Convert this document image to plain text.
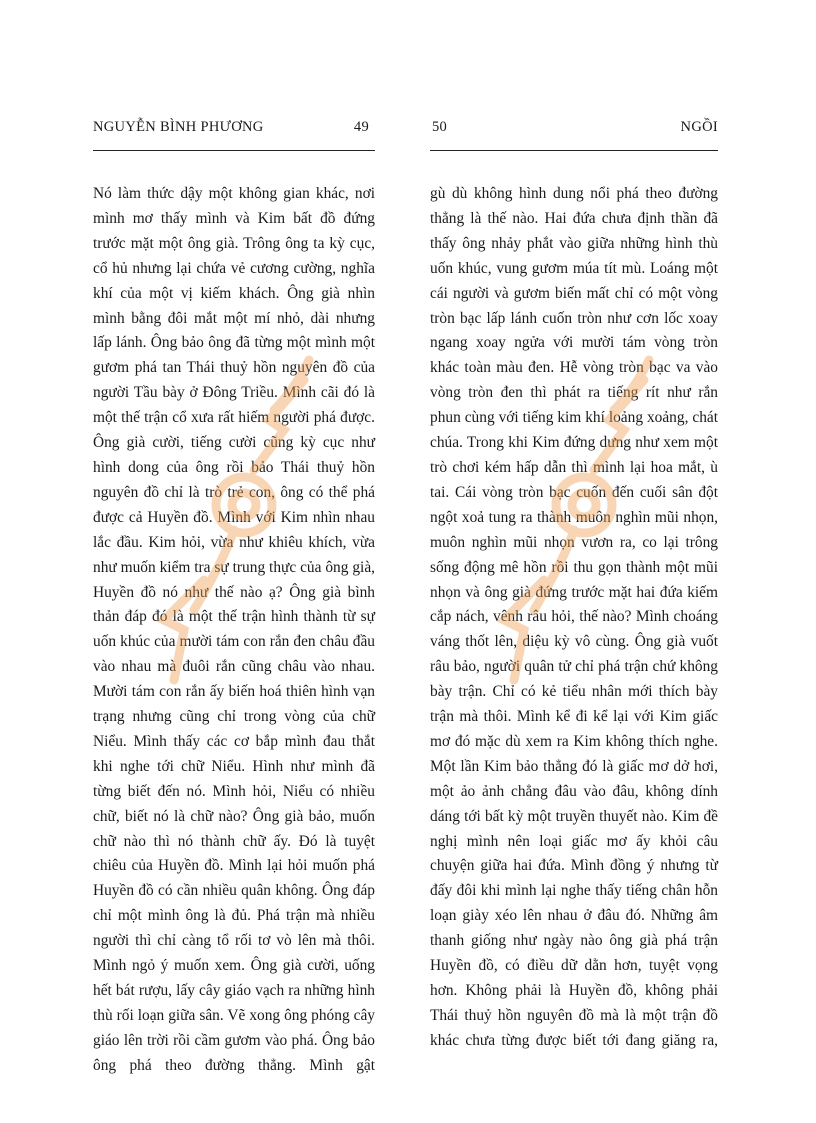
NGUYỄN BÌNH PHƯƠNG	49

Nó làm thức dậy một không gian khác, nơi mình mơ thấy mình và Kim bất đồ đứng trước mặt một ông già. Trông ông ta kỳ cục, cổ hủ nhưng lại chứa vẻ cương cường, nghĩa khí của một vị kiếm khách. Ông già nhìn mình bằng đôi mắt một mí nhỏ, dài nhưng lấp lánh. Ông bảo ông đã từng một mình một gươm phá tan Thái thuỷ hồn nguyên đồ của người Tầu bày ở Đông Triều. Mình cãi đó là một thế trận cổ xưa rất hiếm người phá được. Ông già cười, tiếng cười cũng kỳ cục như hình dong của ông rồi bảo Thái thuỷ hồn nguyên đồ chỉ là trò trẻ con, ông có thể phá được cả Huyền đồ. Mình với Kim nhìn nhau lắc đầu. Kim hỏi, vừa như khiêu khích, vừa như muốn kiểm tra sự trung thực của ông già, Huyền đồ nó như thế nào ạ? Ông già bình thản đáp đó là một thế trận hình thành từ sự uốn khúc của mười tám con rắn đen châu đầu vào nhau mà đuôi rắn cũng châu vào nhau. Mười tám con rắn ấy biến hoá thiên hình vạn trạng nhưng cũng chỉ trong vòng của chữ Niểu. Mình thấy các cơ bắp mình đau thắt khi nghe tới chữ Niểu. Hình như mình đã từng biết đến nó. Mình hỏi, Niểu có nhiều chữ, biết nó là chữ nào? Ông già bảo, muốn chữ nào thì nó thành chữ ấy. Đó là tuyệt chiêu của Huyền đồ. Mình lại hỏi muốn phá Huyền đồ có cần nhiều quân không. Ông đáp chỉ một mình ông là đủ. Phá trận mà nhiều người thì chỉ càng tổ rối tơ vò lên mà thôi. Mình ngỏ ý muốn xem. Ông già cười, uống hết bát rượu, lấy cây giáo vạch ra những hình thù rối loạn giữa sân. Vẽ xong ông phóng cây giáo lên trời rồi cầm gươm vào phá. Ông bảo ông phá theo đường thẳng. Mình gật

50	NGỒI

gù dù không hình dung nổi phá theo đường thẳng là thế nào. Hai đứa chưa định thần đã thấy ông nhảy phắt vào giữa những hình thù uốn khúc, vung gươm múa tít mù. Loáng một cái người và gươm biến mất chỉ có một vòng tròn bạc lấp lánh cuốn tròn như cơn lốc xoay ngang xoay ngửa với mười tám vòng tròn khác toàn màu đen. Hễ vòng tròn bạc va vào vòng tròn đen thì phát ra tiếng rít như rắn phun cùng với tiếng kim khí loảng xoảng, chát chúa. Trong khi Kim đứng dưng như xem một trò chơi kém hấp dẫn thì mình lại hoa mắt, ù tai. Cái vòng tròn bạc cuốn đến cuối sân đột ngột xoả tung ra thành muôn nghìn mũi nhọn, muôn nghìn mũi nhọn vươn ra, co lại trông sống động mê hồn rồi thu gọn thành một mũi nhọn và ông già đứng trước mặt hai đứa kiếm cắp nách, vênh râu hỏi, thế nào? Mình choáng váng thốt lên, diệu kỳ vô cùng. Ông già vuốt râu bảo, người quân tử chỉ phá trận chứ không bày trận. Chỉ có kẻ tiểu nhân mới thích bày trận mà thôi. Mình kể đi kể lại với Kim giấc mơ đó mặc dù xem ra Kim không thích nghe. Một lần Kim bảo thẳng đó là giấc mơ dở hơi, một ảo ảnh chẳng đâu vào đâu, không dính dáng tới bất kỳ một truyền thuyết nào. Kim đề nghị mình nên loại giấc mơ ấy khỏi câu chuyện giữa hai đứa. Mình đồng ý nhưng từ đấy đôi khi mình lại nghe thấy tiếng chân hỗn loạn giày xéo lên nhau ở đâu đó. Những âm thanh giống như ngày nào ông già phá trận Huyền đồ, có điều dữ dằn hơn, tuyệt vọng hơn. Không phải là Huyền đồ, không phải Thái thuỷ hồn nguyên đồ mà là một trận đồ khác chưa từng được biết tới đang giăng ra,
